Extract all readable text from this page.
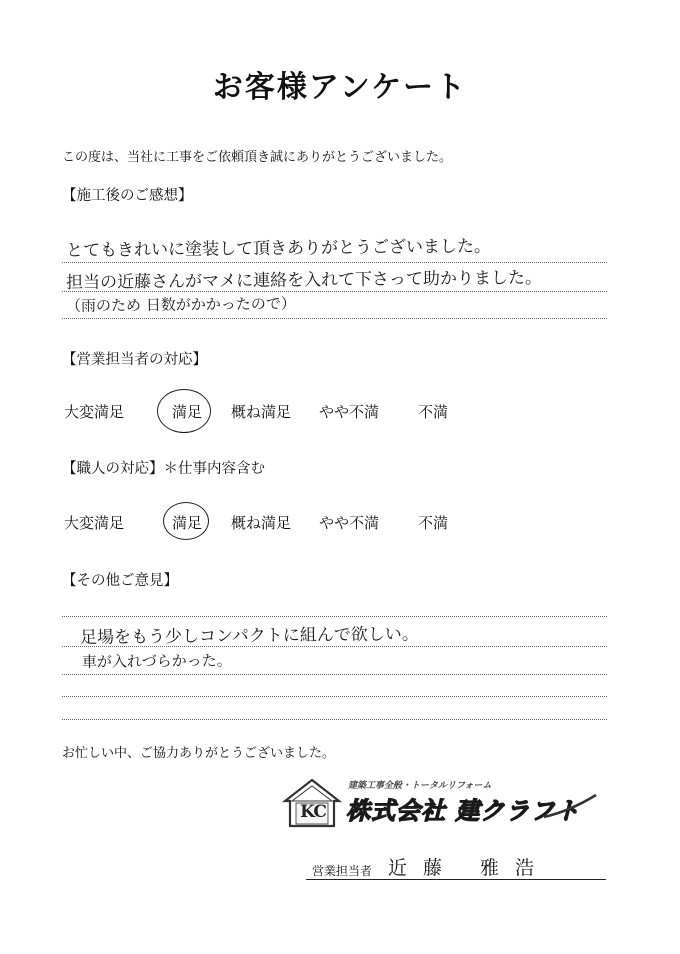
お客様アンケート
この度は、当社に工事をご依頼頂き誠にありがとうございました。
【施工後のご感想】
とてもきれいに塗装して頂きありがとうございました。
担当の近藤さんがマメに連絡を入れて下さって助かりました。
（雨のため 日数がかかったので）
【営業担当者の対応】
大変満足	満足 概ね満足 やや不満	不満
【職人の対応】＊仕事内容含む
大変満足	満足 概ね満足 やや不満	不満
【その他ご意見】
足場をもう少しコンパクトに組んで欲しい。
車が入れづらかった。
お忙しい中、ご協力ありがとうございました。
KC
建築工事全般・トータルリフォーム
株式会社 建クラフト
営業担当者 近藤 雅浩
